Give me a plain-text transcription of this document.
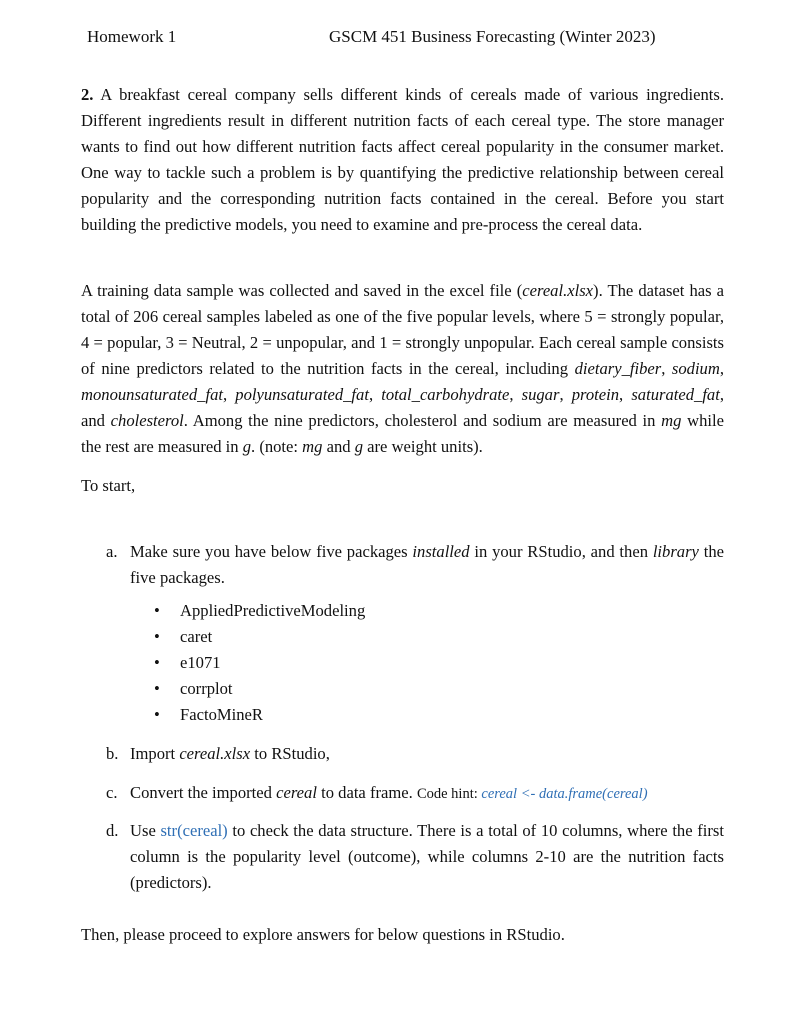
Homework 1	GSCM 451 Business Forecasting (Winter 2023)
2. A breakfast cereal company sells different kinds of cereals made of various ingredients. Different ingredients result in different nutrition facts of each cereal type. The store manager wants to find out how different nutrition facts affect cereal popularity in the consumer market. One way to tackle such a problem is by quantifying the predictive relationship between cereal popularity and the corresponding nutrition facts contained in the cereal. Before you start building the predictive models, you need to examine and pre-process the cereal data.
A training data sample was collected and saved in the excel file (cereal.xlsx). The dataset has a total of 206 cereal samples labeled as one of the five popular levels, where 5 = strongly popular, 4 = popular, 3 = Neutral, 2 = unpopular, and 1 = strongly unpopular. Each cereal sample consists of nine predictors related to the nutrition facts in the cereal, including dietary_fiber, sodium, monounsaturated_fat, polyunsaturated_fat, total_carbohydrate, sugar, protein, saturated_fat, and cholesterol. Among the nine predictors, cholesterol and sodium are measured in mg while the rest are measured in g. (note: mg and g are weight units).
To start,
a. Make sure you have below five packages installed in your RStudio, and then library the five packages.
• AppliedPredictiveModeling
• caret
• e1071
• corrplot
• FactoMineR
b. Import cereal.xlsx to RStudio,
c. Convert the imported cereal to data frame. Code hint: cereal <- data.frame(cereal)
d. Use str(cereal) to check the data structure. There is a total of 10 columns, where the first column is the popularity level (outcome), while columns 2-10 are the nutrition facts (predictors).
Then, please proceed to explore answers for below questions in RStudio.
